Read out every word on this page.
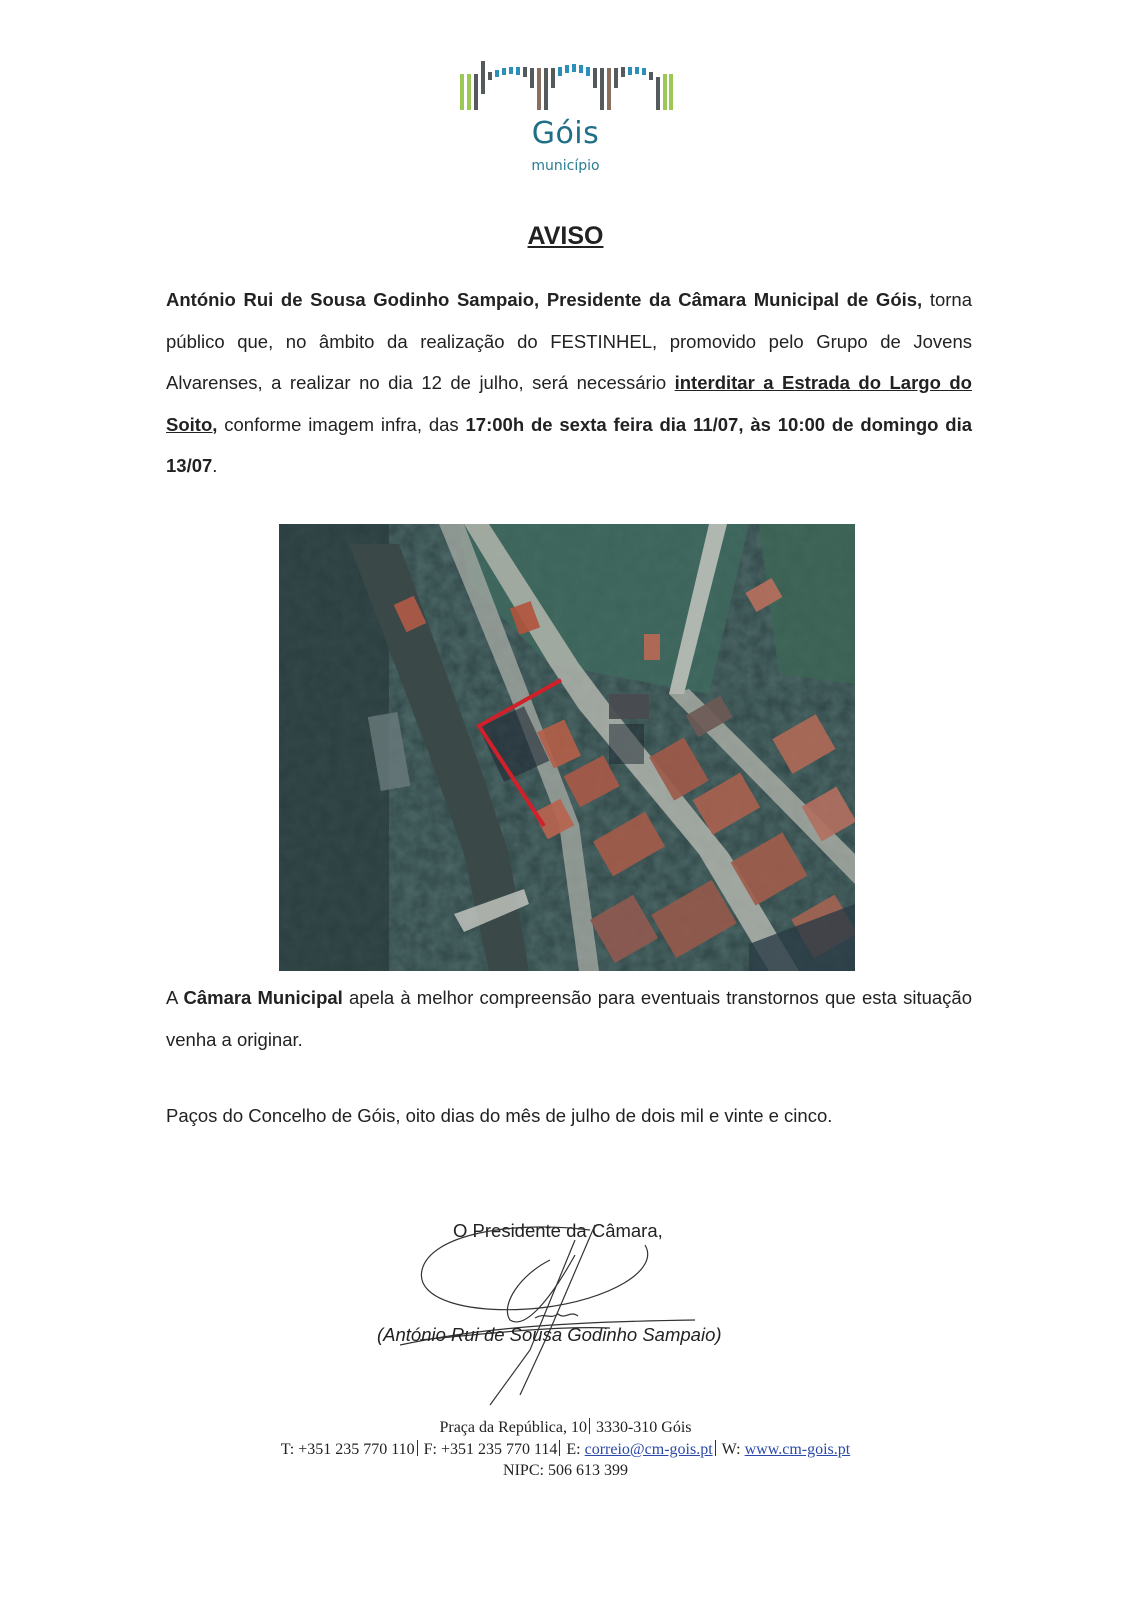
Góis
município
AVISO
António Rui de Sousa Godinho Sampaio, Presidente da Câmara Municipal de Góis, torna público que, no âmbito da realização do FESTINHEL, promovido pelo Grupo de Jovens Alvarenses, a realizar no dia 12 de julho, será necessário interditar a Estrada do Largo do Soito, conforme imagem infra, das 17:00h de sexta feira dia 11/07, às 10:00 de domingo dia 13/07.
A Câmara Municipal apela à melhor compreensão para eventuais transtornos que esta situação venha a originar.
Paços do Concelho de Góis, oito dias do mês de julho de dois mil e vinte e cinco.
O Presidente da Câmara,
(António Rui de Sousa Godinho Sampaio)
Praça da República, 10 3330-310 Góis
T: +351 235 770 110 F: +351 235 770 114 E: correio@cm-gois.pt W: www.cm-gois.pt
NIPC: 506 613 399
